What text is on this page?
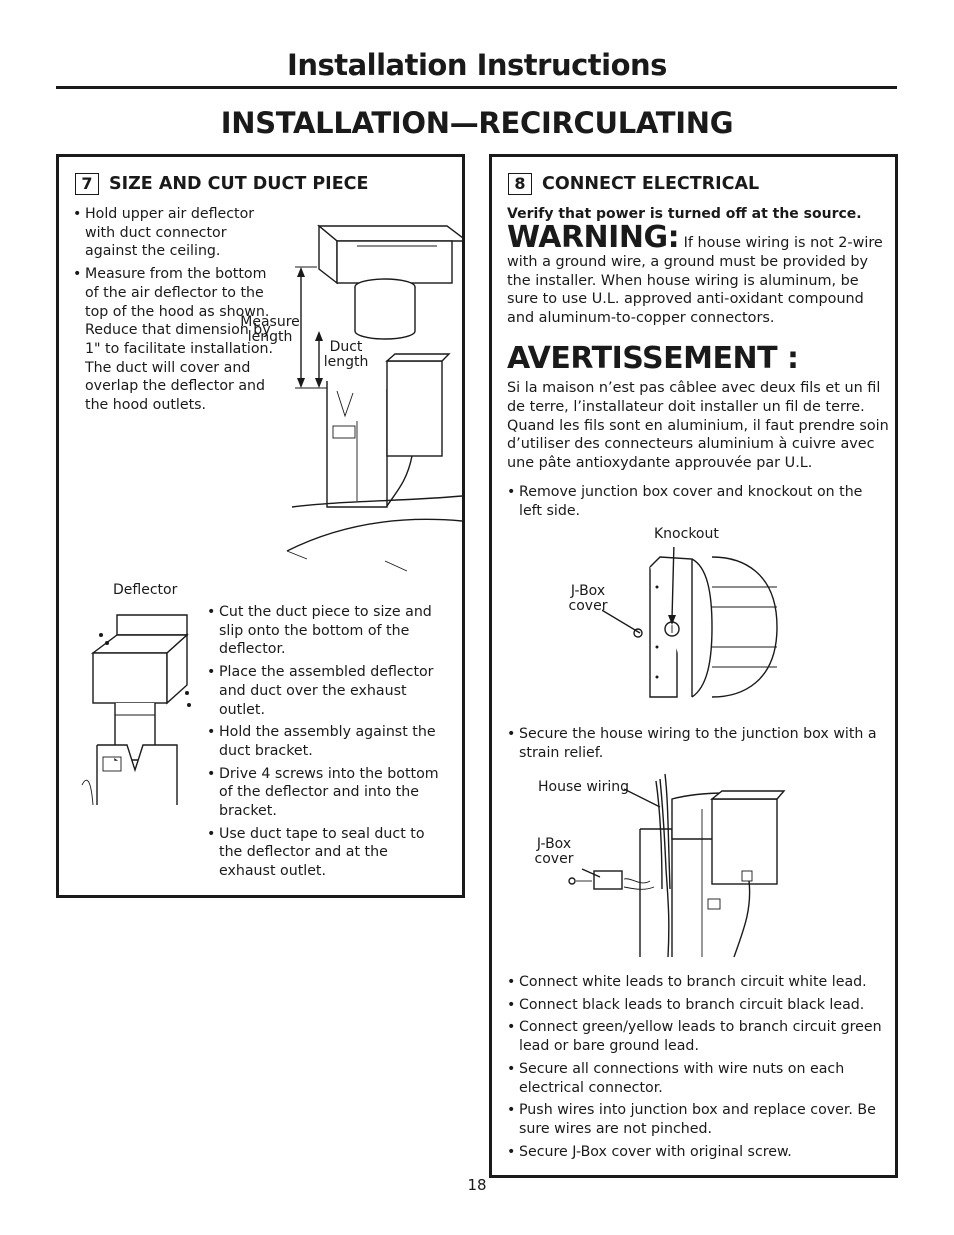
Installation Instructions
INSTALLATION—RECIRCULATING
7 SIZE AND CUT DUCT PIECE
• Hold upper air deflector with duct connector against the ceiling.
• Measure from the bottom of the air deflector to the top of the hood as shown. Reduce that dimension by 1" to facilitate installation. The duct will cover and overlap the deflector and the hood outlets.
Measure length
Duct length
Deflector
• Cut the duct piece to size and slip onto the bottom of the deflector.
• Place the assembled deflector and duct over the exhaust outlet.
• Hold the assembly against the duct bracket.
• Drive 4 screws into the bottom of the deflector and into the bracket.
• Use duct tape to seal duct to the deflector and at the exhaust outlet.
8 CONNECT ELECTRICAL
Verify that power is turned off at the source.
WARNING: If house wiring is not 2-wire with a ground wire, a ground must be provided by the installer. When house wiring is aluminum, be sure to use U.L. approved anti-oxidant compound and aluminum-to-copper connectors.
AVERTISSEMENT :
Si la maison n’est pas câblee avec deux fils et un fil de terre, l’installateur doit installer un fil de terre. Quand les fils sont en aluminium, il faut prendre soin d’utiliser des connecteurs aluminium à cuivre avec une pâte antioxydante approuvée par U.L.
• Remove junction box cover and knockout on the left side.
Knockout
J-Box cover
• Secure the house wiring to the junction box with a strain relief.
House wiring
J-Box cover
• Connect white leads to branch circuit white lead.
• Connect black leads to branch circuit black lead.
• Connect green/yellow leads to branch circuit green lead or bare ground lead.
• Secure all connections with wire nuts on each electrical connector.
• Push wires into junction box and replace cover. Be sure wires are not pinched.
• Secure J-Box cover with original screw.
18
